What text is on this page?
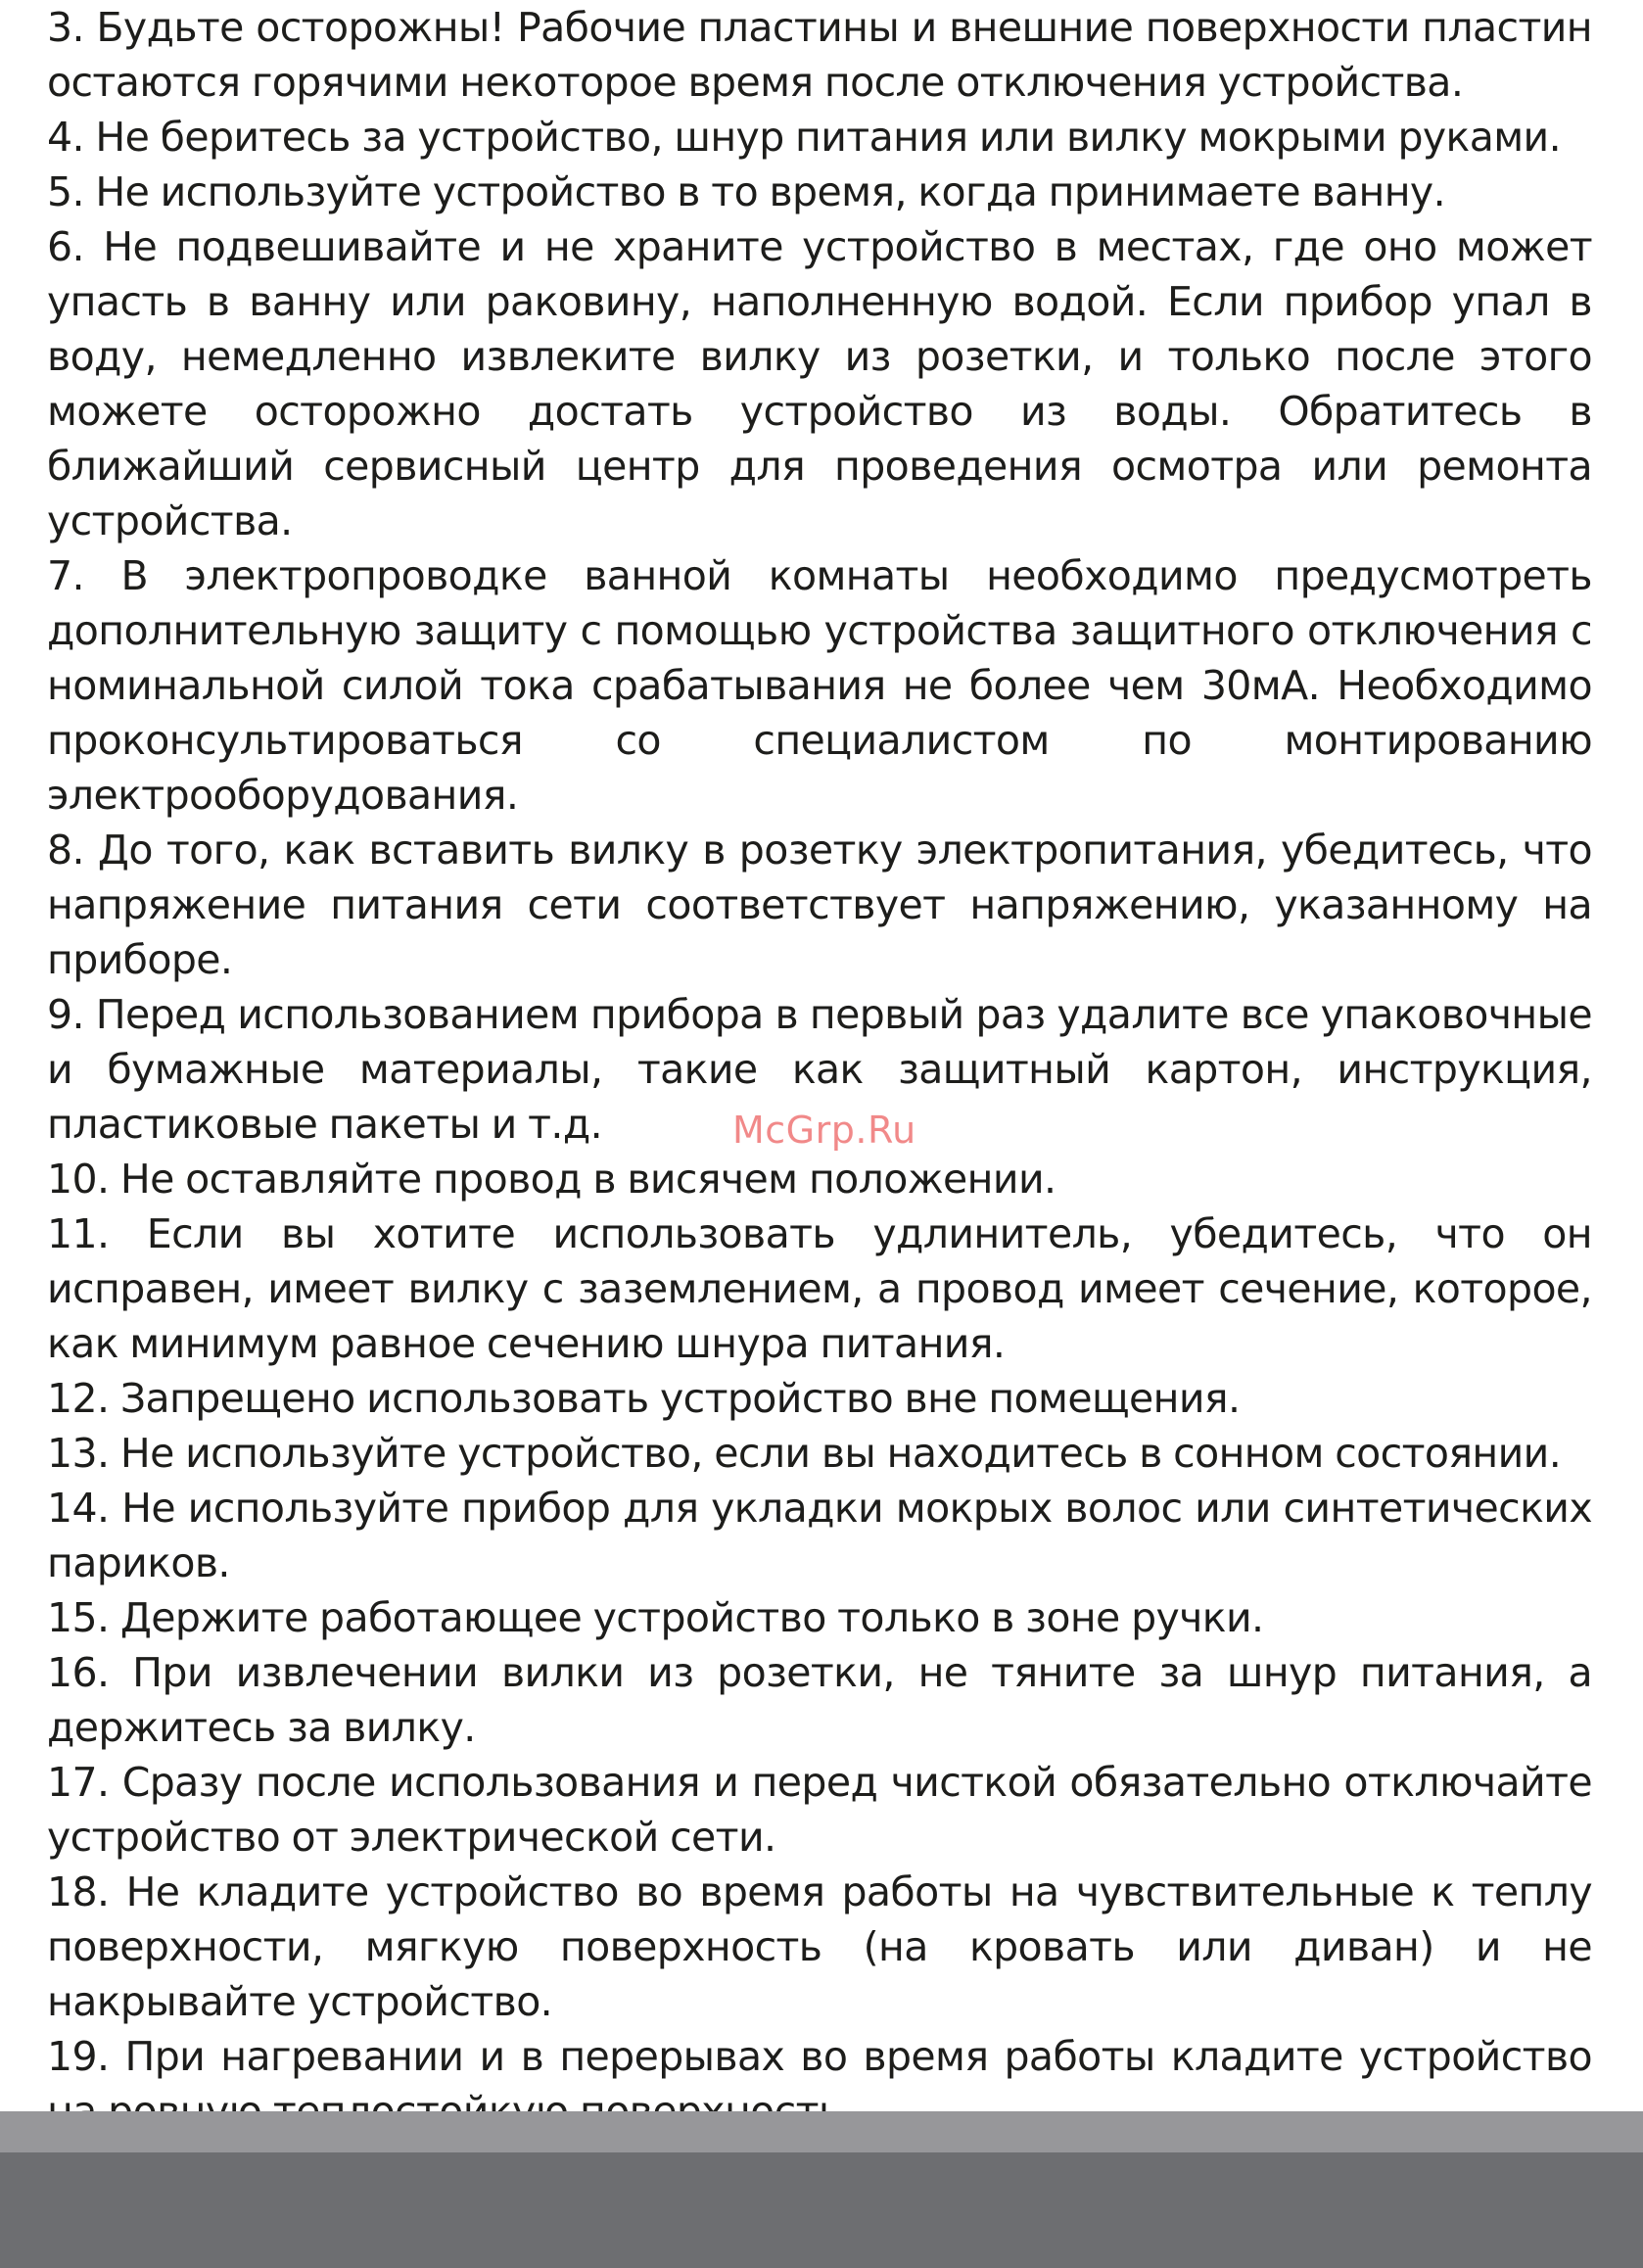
3. Будьте осторожны! Рабочие пластины и внешние поверхности пластин остаются горячими некоторое время после отключения устройства.

4. Не беритесь за устройство, шнур питания или вилку мокрыми руками.

5. Не используйте устройство в то время, когда принимаете ванну.

6. Не подвешивайте и не храните устройство в местах, где оно может упасть в ванну или раковину, наполненную водой. Если прибор упал в воду, немедленно извлеките вилку из розетки, и только после этого можете осторожно достать устройство из воды. Обратитесь в ближайший сервисный центр для проведения осмотра или ремонта устройства.

7. В электропроводке ванной комнаты необходимо предусмотреть дополнительную защиту с помощью устройства защитного отключения с номинальной силой тока срабатывания не более чем 30мА. Необходимо проконсультироваться со специалистом по монтированию электрооборудования.

8. До того, как вставить вилку в розетку электропитания, убедитесь, что напряжение питания сети соответствует напряжению, указанному на приборе.

9. Перед использованием прибора в первый раз удалите все упаковочные и бумажные материалы, такие как защитный картон, инструкция, пластиковые пакеты и т.д.

10. Не оставляйте провод в висячем положении.

11. Если вы хотите использовать удлинитель, убедитесь, что он исправен, имеет вилку с заземлением, а провод имеет сечение, которое, как минимум равное сечению шнура питания.

12. Запрещено использовать устройство вне помещения.

13. Не используйте устройство, если вы находитесь в сонном состоянии.

14. Не используйте прибор для укладки мокрых волос или синтетических париков.

15. Держите работающее устройство только в зоне ручки.

16. При извлечении вилки из розетки, не тяните за шнур питания, а держитесь за вилку.

17. Сразу после использования и перед чисткой обязательно отключайте устройство от электрической сети.

18. Не кладите устройство во время работы на чувствительные к теплу поверхности, мягкую поверхность (на кровать или диван) и не накрывайте устройство.

19. При нагревании и в перерывах во время работы кладите устройство

McGrp.Ru
